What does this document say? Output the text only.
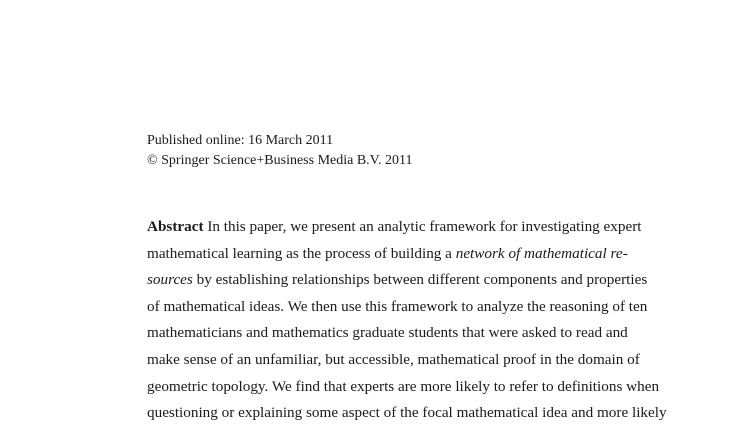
Published online: 16 March 2011
© Springer Science+Business Media B.V. 2011
Abstract In this paper, we present an analytic framework for investigating expert
mathematical learning as the process of building a network of mathematical re-
sources by establishing relationships between different components and properties
of mathematical ideas. We then use this framework to analyze the reasoning of ten
mathematicians and mathematics graduate students that were asked to read and
make sense of an unfamiliar, but accessible, mathematical proof in the domain of
geometric topology. We find that experts are more likely to refer to definitions when
questioning or explaining some aspect of the focal mathematical idea and more likely
